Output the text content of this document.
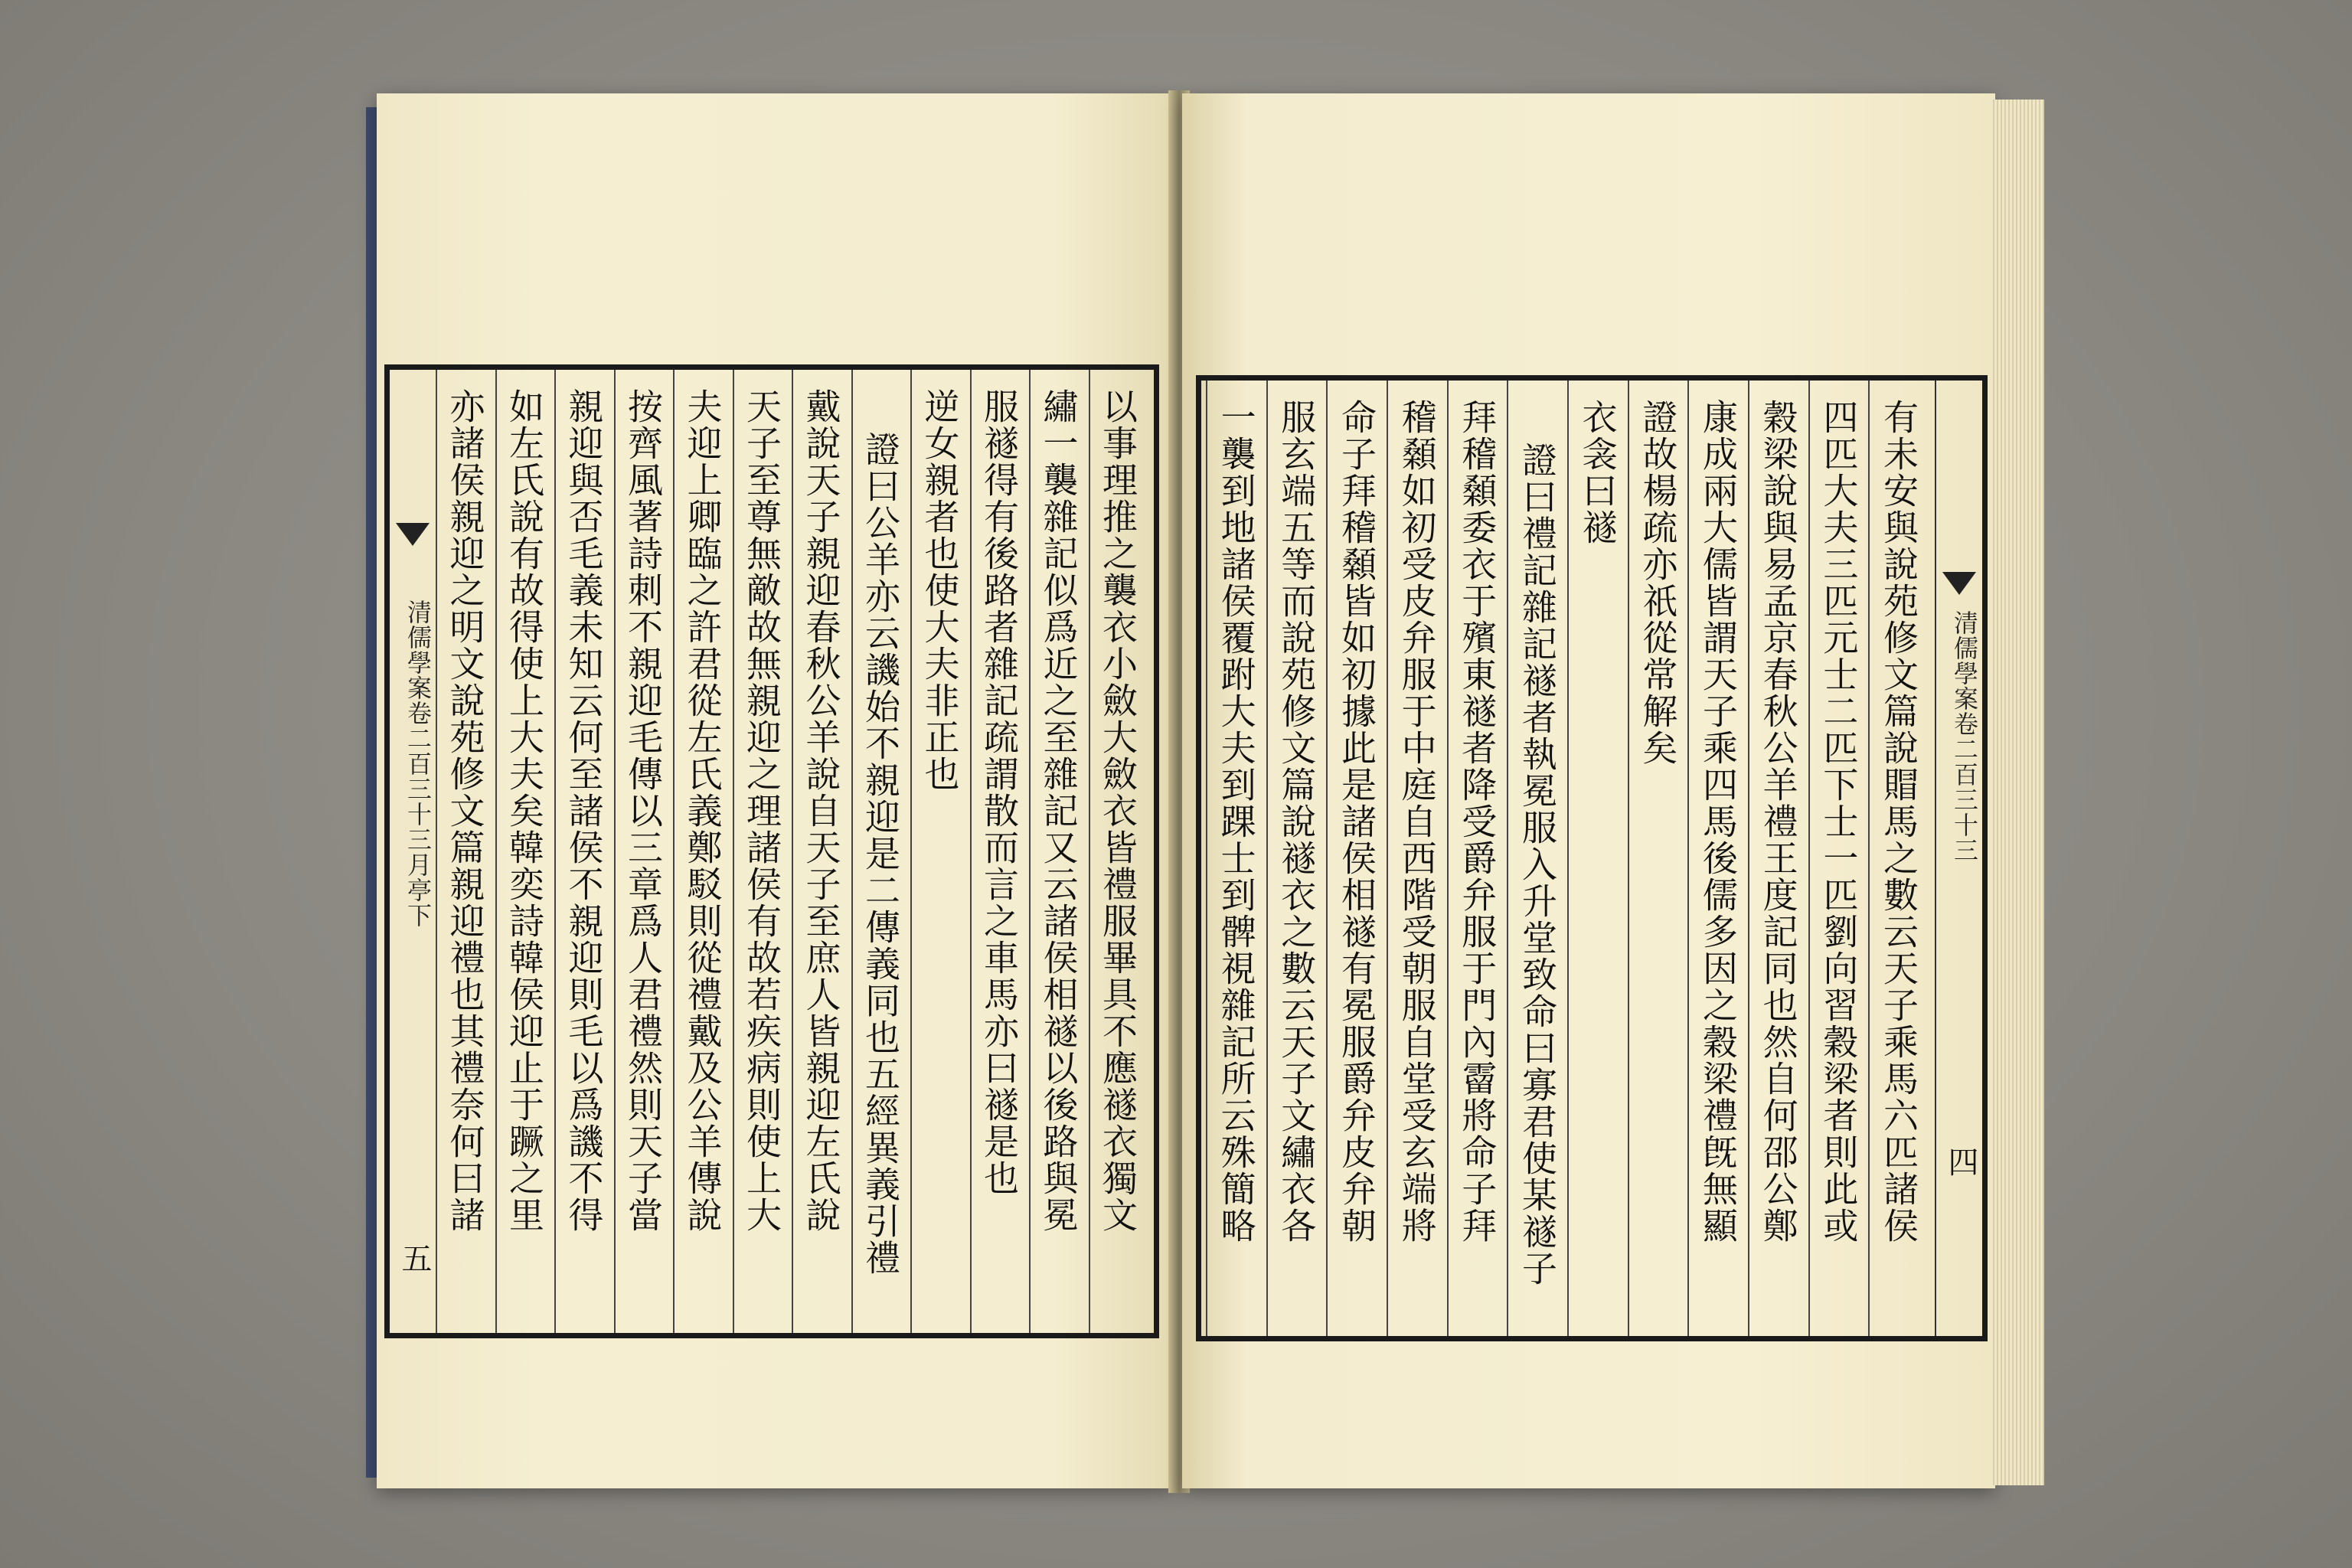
清儒學案卷二百三十三月亭下
五
以事理推之襲衣小斂大斂衣皆禮服畢具不應禭衣獨文
繡一襲雜記似爲近之至雜記又云諸侯相禭以後路與冕
服禭得有後路者雜記疏謂散而言之車馬亦曰禭是也
逆女親者也使大夫非正也
證曰公羊亦云譏始不親迎是二傳義同也五經異義引禮
戴說天子親迎春秋公羊說自天子至庶人皆親迎左氏說
天子至尊無敵故無親迎之理諸侯有故若疾病則使上大
夫迎上卿臨之許君從左氏義鄭駁則從禮戴及公羊傳說
按齊風著詩刺不親迎毛傳以三章爲人君禮然則天子當
親迎與否毛義未知云何至諸侯不親迎則毛以爲譏不得
如左氏說有故得使上大夫矣韓奕詩韓侯迎止于蹶之里
亦諸侯親迎之明文說苑修文篇親迎禮也其禮奈何曰諸	有未安與說苑修文篇說賵馬之數云天子乘馬六匹諸侯
四匹大夫三匹元士二匹下士一匹劉向習穀梁者則此或
穀梁說與易孟京春秋公羊禮王度記同也然自何邵公鄭
康成兩大儒皆謂天子乘四馬後儒多因之穀梁禮旣無顯
證故楊疏亦祇從常解矣
衣衾曰禭
證曰禮記雜記禭者執冕服入升堂致命曰寡君使某禭子
拜稽顙委衣于殯東禭者降受爵弁服于門內霤將命子拜
稽顙如初受皮弁服于中庭自西階受朝服自堂受玄端將
命子拜稽顙皆如初據此是諸侯相禭有冕服爵弁皮弁朝
服玄端五等而說苑修文篇說禭衣之數云天子文繡衣各
一襲到地諸侯覆跗大夫到踝士到髀視雜記所云殊簡略	清儒學案卷二百三十三
四
